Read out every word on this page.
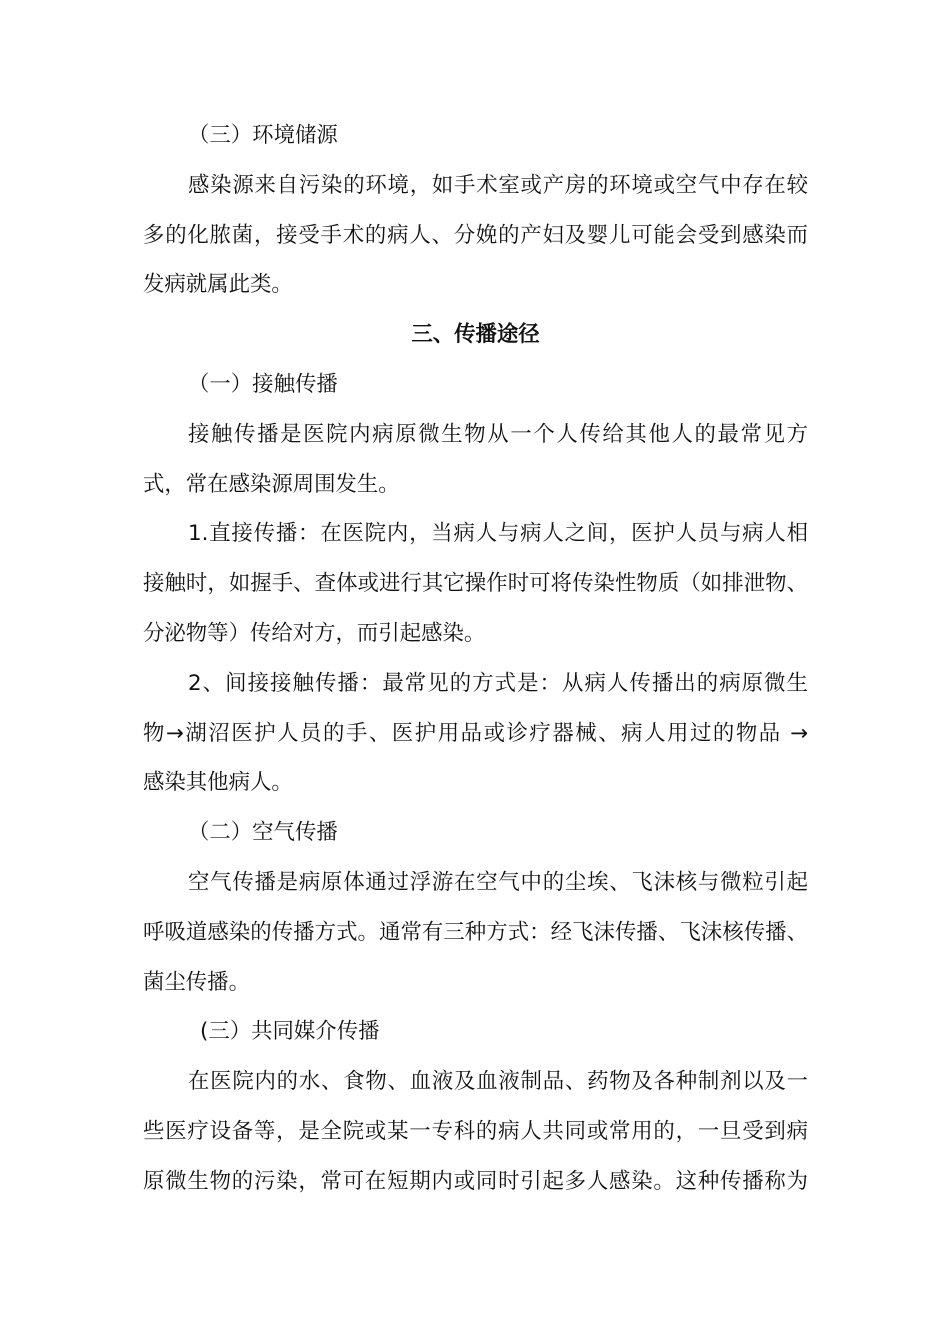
（三）环境储源
感染源来自污染的环境，如手术室或产房的环境或空气中存在较
多的化脓菌，接受手术的病人、分娩的产妇及婴儿可能会受到感染而
发病就属此类。
三、传播途径
（一）接触传播
接触传播是医院内病原微生物从一个人传给其他人的最常见方
式，常在感染源周围发生。
1.直接传播：在医院内，当病人与病人之间，医护人员与病人相
接触时，如握手、查体或进行其它操作时可将传染性物质（如排泄物、
分泌物等）传给对方，而引起感染。
2、间接接触传播：最常见的方式是：从病人传播出的病原微生
物→湖沼医护人员的手、医护用品或诊疗器械、病人用过的物品 →
感染其他病人。
（二）空气传播
空气传播是病原体通过浮游在空气中的尘埃、飞沫核与微粒引起
呼吸道感染的传播方式。通常有三种方式：经飞沫传播、飞沫核传播、
菌尘传播。
(三）共同媒介传播
在医院内的水、食物、血液及血液制品、药物及各种制剂以及一
些医疗设备等，是全院或某一专科的病人共同或常用的，一旦受到病
原微生物的污染，常可在短期内或同时引起多人感染。这种传播称为
